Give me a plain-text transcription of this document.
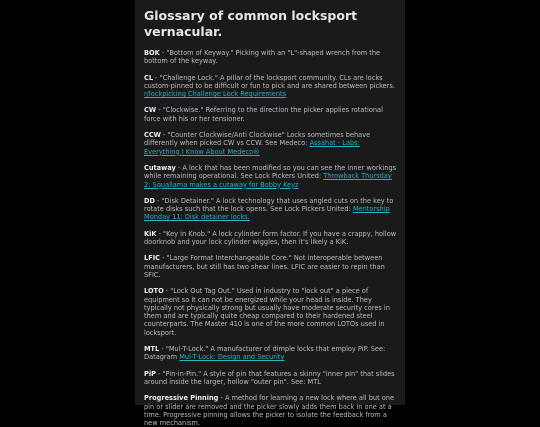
Glossary of common locksport vernacular.

BOK - "Bottom of Keyway." Picking with an "L"-shaped wrench from the bottom of the keyway.

CL - "Challenge Lock." A pillar of the locksport community. CLs are locks custom-pinned to be difficult or fun to pick and are shared between pickers. r/lockpicking Challenge Lock Requirements

CW - "Clockwise." Referring to the direction the picker applies rotational force with his or her tensioner.

CCW - "Counter Clockwise/Anti Clockwise" Locks sometimes behave differently when picked CW vs CCW. See Medeco: Assahat - Labs: Everything I Know About Medeco®

Cutaway - A lock that has been modified so you can see the inner workings while remaining operational. See Lock Pickers United: Throwback Thursday 2: Squallama makes a cutaway for Bobby Keyz

DD - "Disk Detainer." A lock technology that uses angled cuts on the key to rotate disks such that the lock opens. See Lock Pickers United: Mentorship Monday 11: Disk detainer locks.

KiK - "Key in Knob." A lock cylinder form factor. If you have a crappy, hollow doorknob and your lock cylinder wiggles, then it's likely a KiK.

LFIC - "Large Format Interchangeable Core." Not interoperable between manufacturers, but still has two shear lines. LFIC are easier to repin than SFIC.

LOTO - "Lock Out Tag Out." Used in industry to "lock out" a piece of equipment so it can not be energized while your head is inside. They typically not physically strong but usually have moderate security cores in them and are typically quite cheap compared to their hardened steel counterparts. The Master 410 is one of the more common LOTOs used in locksport.

MTL - "Mul-T-Lock." A manufacturer of dimple locks that employ PiP. See: Datagram Mul-T-Lock: Design and Security

PiP - "Pin-in-Pin." A style of pin that features a skinny "inner pin" that slides around inside the larger, hollow "outer pin". See: MTL

Progressive Pinning - A method for learning a new lock where all but one pin or slider are removed and the picker slowly adds them back in one at a time. Progressive pinning allows the picker to isolate the feedback from a new mechanism.
